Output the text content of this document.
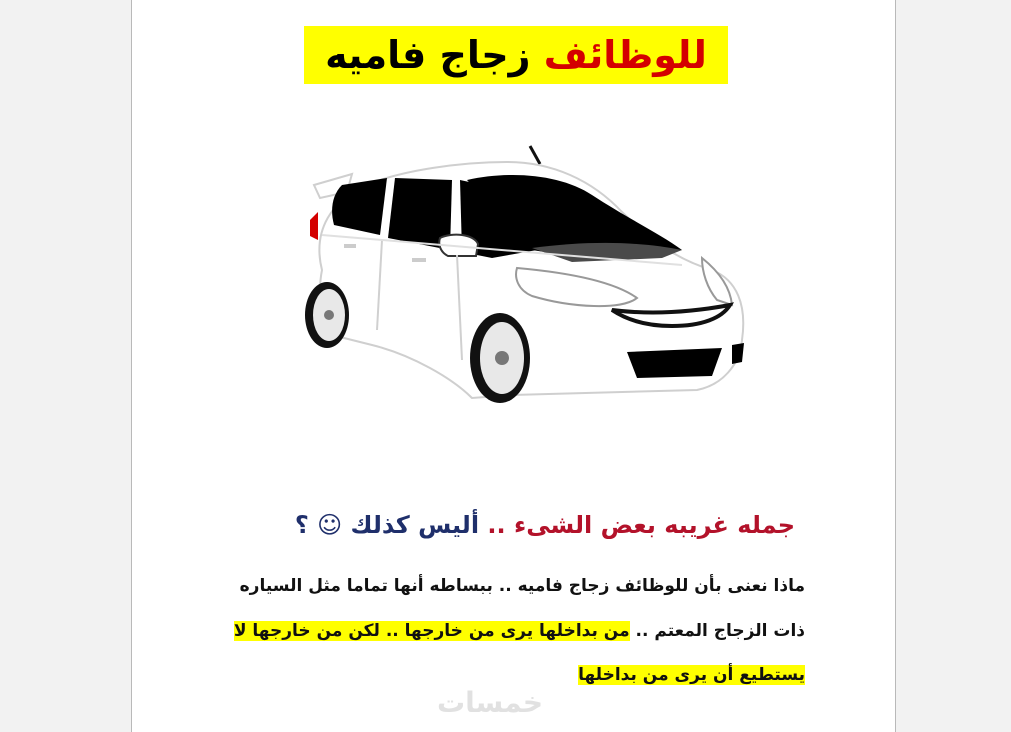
للوظائف زجاج فاميه
جمله غريبه بعض الشىء .. أليس كذلك ☺ ؟
ماذا نعنى بأن للوظائف زجاج فاميه .. ببساطه أنها تماما مثل السياره
ذات الزجاج المعتم .. من بداخلها يرى من خارجها .. لكن من خارجها لا
يستطيع أن يرى من بداخلها
خمسات
